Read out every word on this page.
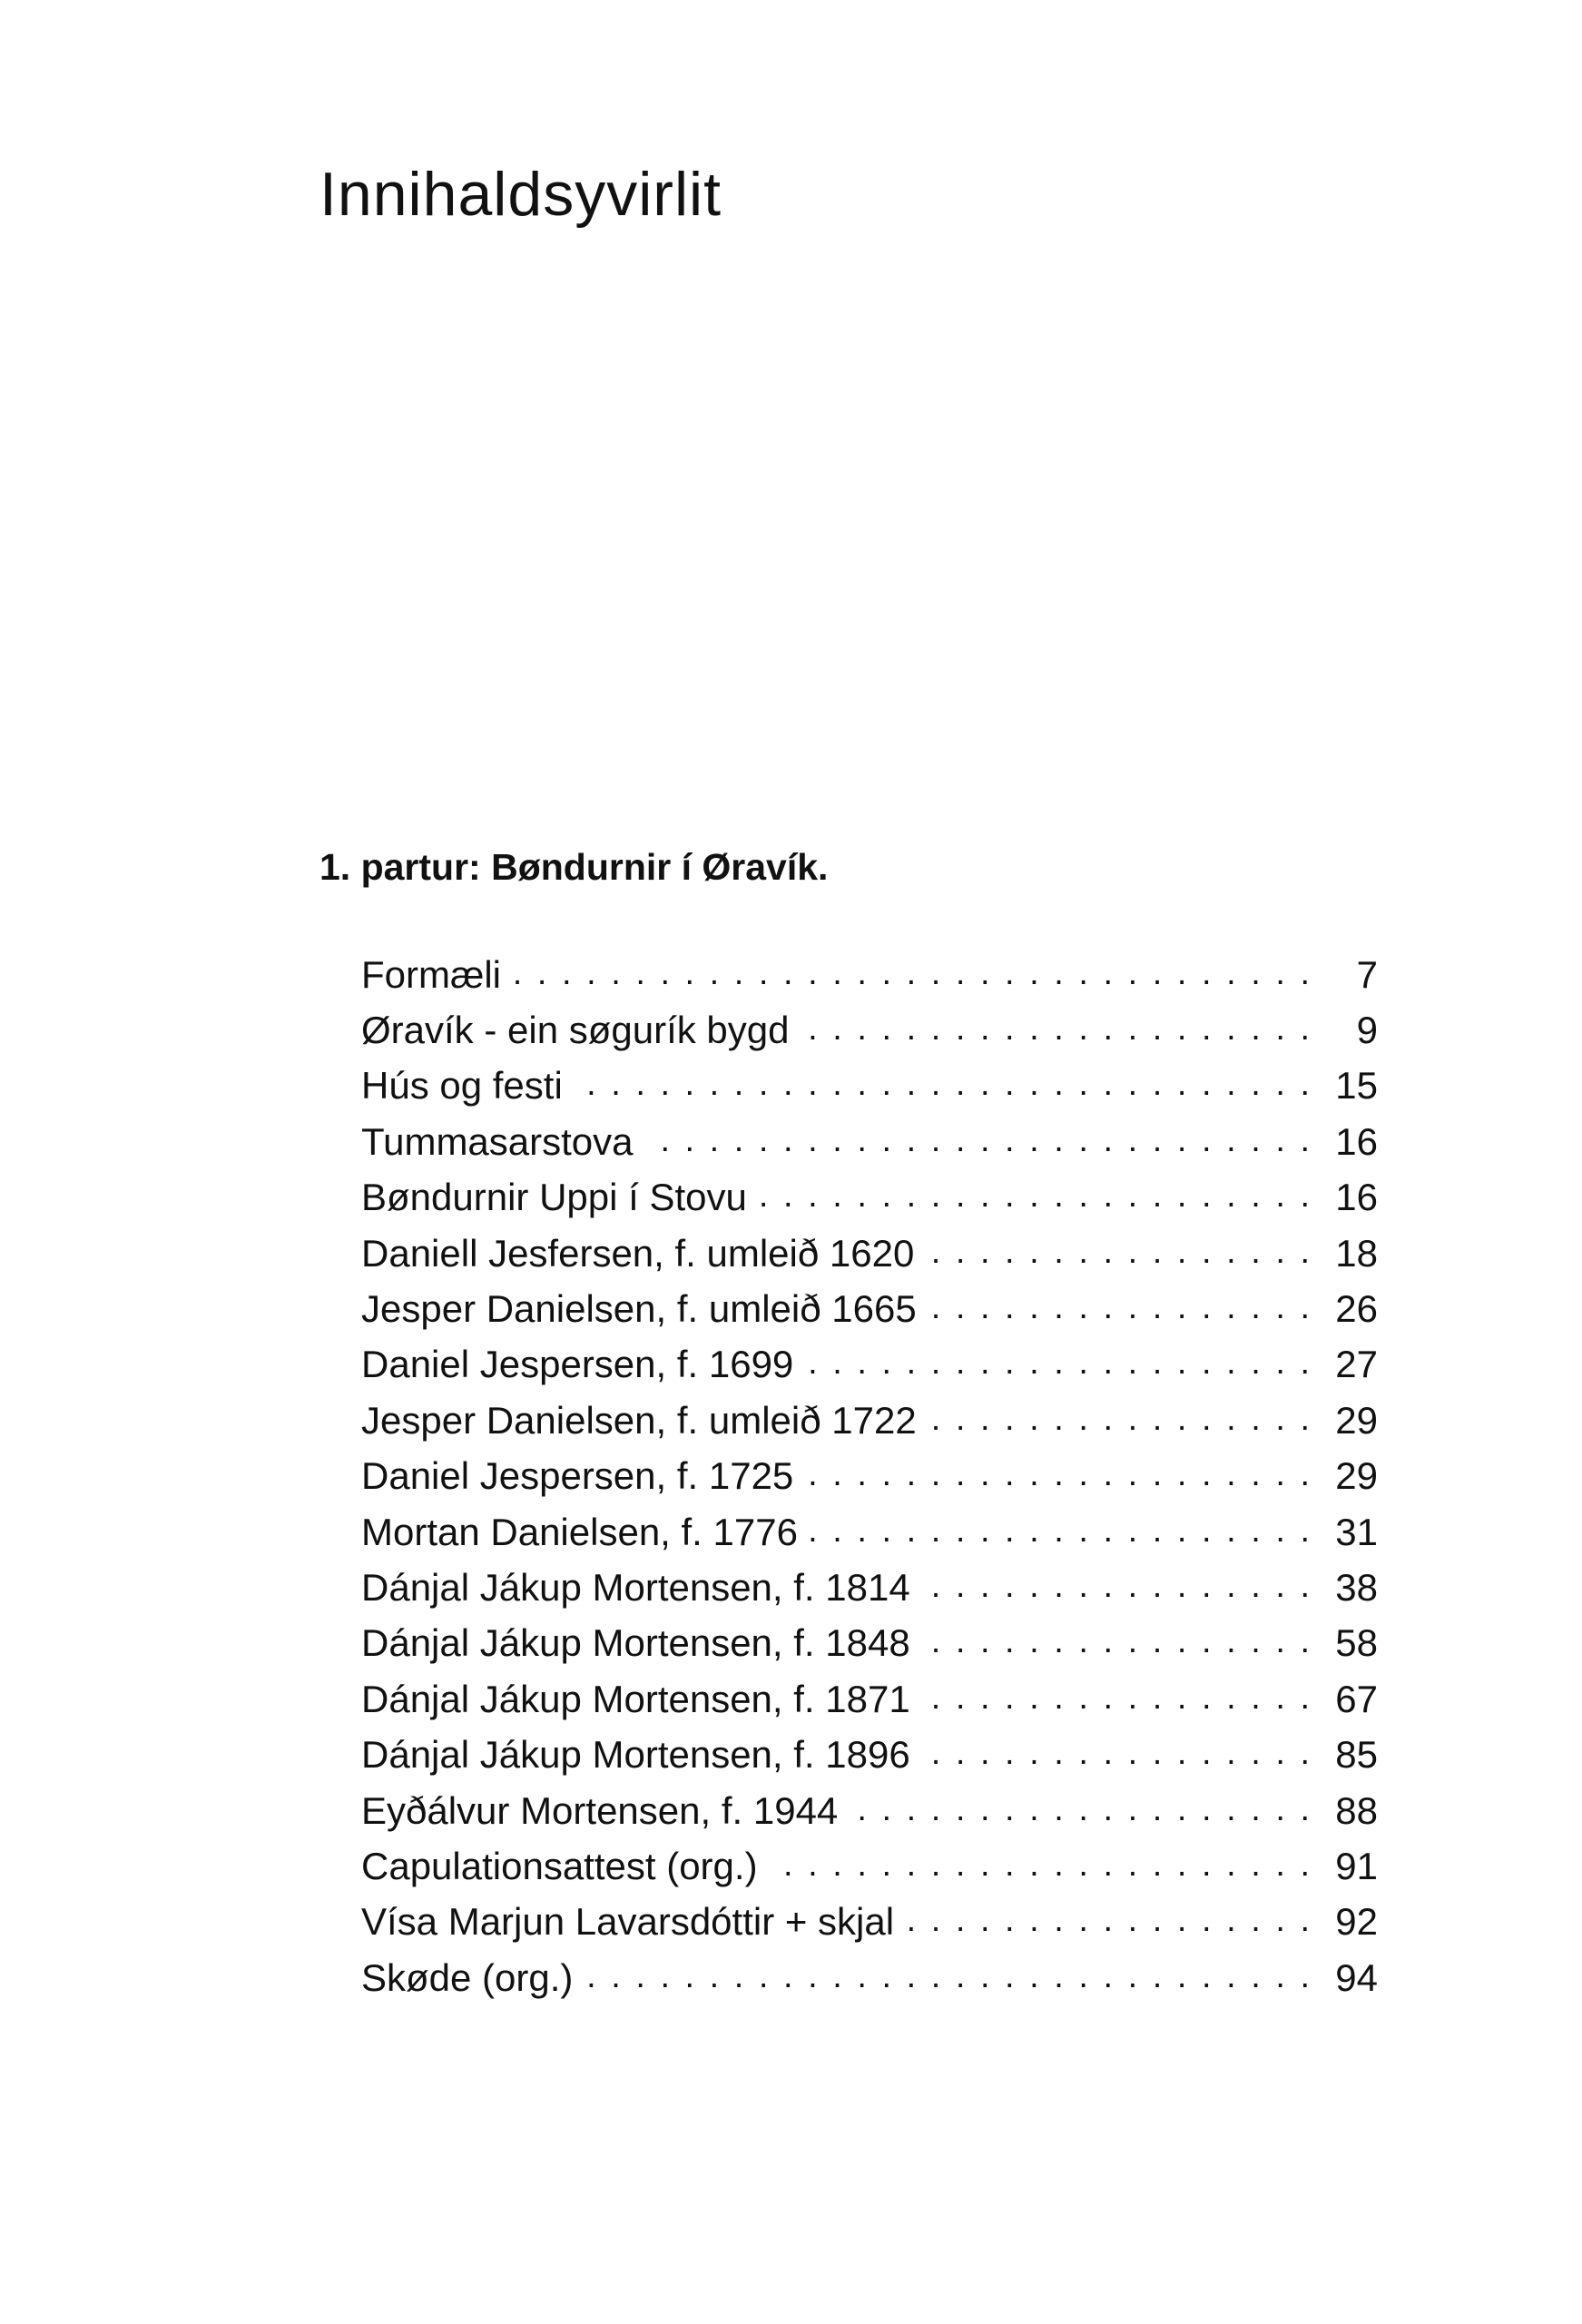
Innihaldsyvirlit
1. partur: Bøndurnir í Øravík.
Formæli . . .	7
Øravík - ein søgurík bygd . . .	9
Hús og festi . . .	15
Tummasarstova . . .	16
Bøndurnir Uppi í Stovu . . .	16
Daniell Jesfersen, f. umleið 1620 . . .	18
Jesper Danielsen, f. umleið 1665 . . .	26
Daniel Jespersen, f. 1699 . . .	27
Jesper Danielsen, f. umleið 1722 . . .	29
Daniel Jespersen, f. 1725 . . .	29
Mortan Danielsen, f. 1776 . . .	31
Dánjal Jákup Mortensen, f. 1814 . . .	38
Dánjal Jákup Mortensen, f. 1848 . . .	58
Dánjal Jákup Mortensen, f. 1871 . . .	67
Dánjal Jákup Mortensen, f. 1896 . . .	85
Eyðálvur Mortensen, f. 1944 . . .	88
Capulationsattest (org.) . . .	91
Vísa Marjun Lavarsdóttir + skjal . . .	92
Skøde (org.) . . .	94
